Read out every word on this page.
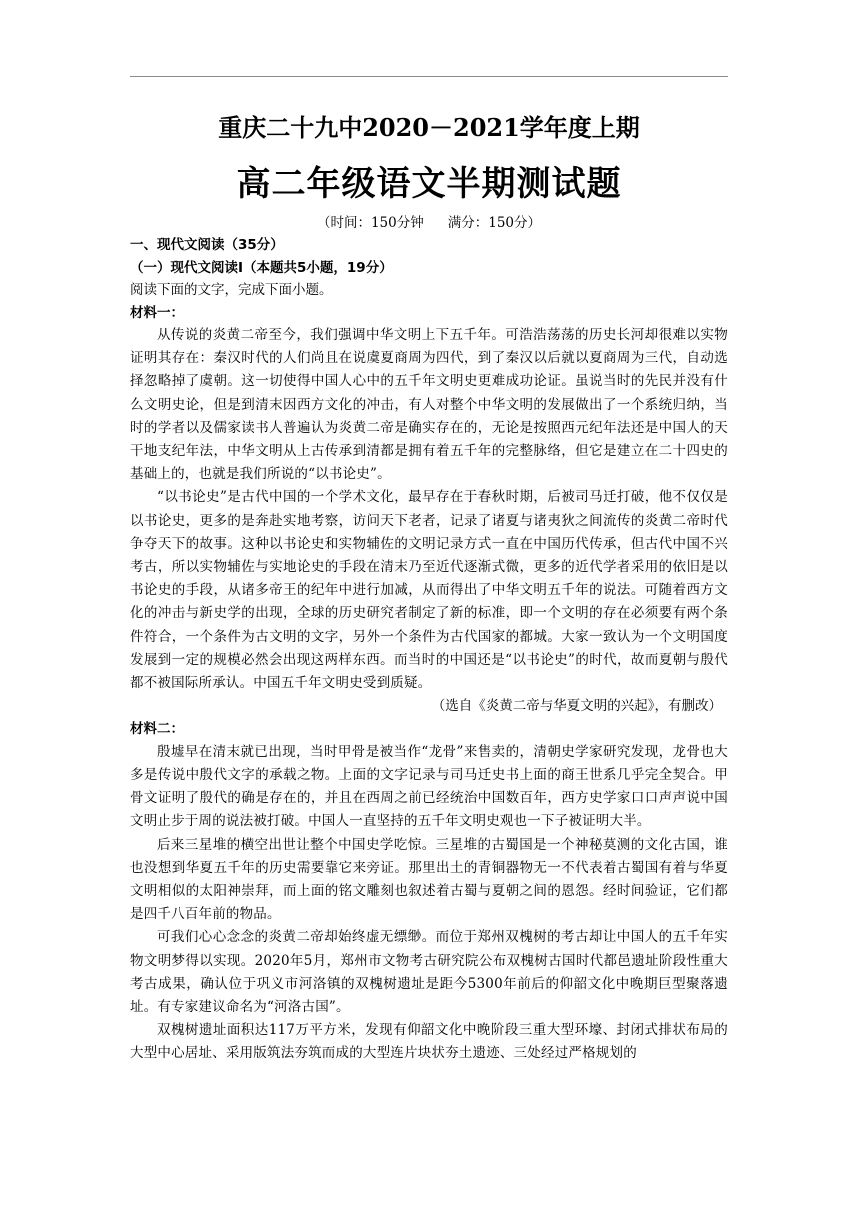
重庆二十九中2020－2021学年度上期

高二年级语文半期测试题

（时间：150分钟 满分：150分）

一、现代文阅读（35分）

（一）现代文阅读Ⅰ（本题共5小题，19分）

阅读下面的文字，完成下面小题。

材料一：

从传说的炎黄二帝至今，我们强调中华文明上下五千年。可浩浩荡荡的历史长河却很难以实物证明其存在：秦汉时代的人们尚且在说虞夏商周为四代，到了秦汉以后就以夏商周为三代，自动选择忽略掉了虞朝。这一切使得中国人心中的五千年文明史更难成功论证。虽说当时的先民并没有什么文明史论，但是到清末因西方文化的冲击，有人对整个中华文明的发展做出了一个系统归纳，当时的学者以及儒家读书人普遍认为炎黄二帝是确实存在的，无论是按照西元纪年法还是中国人的天干地支纪年法，中华文明从上古传承到清都是拥有着五千年的完整脉络，但它是建立在二十四史的基础上的，也就是我们所说的“以书论史”。

“以书论史”是古代中国的一个学术文化，最早存在于春秋时期，后被司马迁打破，他不仅仅是以书论史，更多的是奔赴实地考察，访问天下老者，记录了诸夏与诸夷狄之间流传的炎黄二帝时代争夺天下的故事。这种以书论史和实物辅佐的文明记录方式一直在中国历代传承，但古代中国不兴考古，所以实物辅佐与实地论史的手段在清末乃至近代逐渐式微，更多的近代学者采用的依旧是以书论史的手段，从诸多帝王的纪年中进行加减，从而得出了中华文明五千年的说法。可随着西方文化的冲击与新史学的出现，全球的历史研究者制定了新的标准，即一个文明的存在必须要有两个条件符合，一个条件为古文明的文字，另外一个条件为古代国家的都城。大家一致认为一个文明国度发展到一定的规模必然会出现这两样东西。而当时的中国还是“以书论史”的时代，故而夏朝与殷代都不被国际所承认。中国五千年文明史受到质疑。

（选自《炎黄二帝与华夏文明的兴起》，有删改）

材料二：

殷墟早在清末就已出现，当时甲骨是被当作“龙骨”来售卖的，清朝史学家研究发现，龙骨也大多是传说中殷代文字的承载之物。上面的文字记录与司马迁史书上面的商王世系几乎完全契合。甲骨文证明了殷代的确是存在的，并且在西周之前已经统治中国数百年，西方史学家口口声声说中国文明止步于周的说法被打破。中国人一直坚持的五千年文明史观也一下子被证明大半。

后来三星堆的横空出世让整个中国史学吃惊。三星堆的古蜀国是一个神秘莫测的文化古国，谁也没想到华夏五千年的历史需要靠它来旁证。那里出土的青铜器物无一不代表着古蜀国有着与华夏文明相似的太阳神崇拜，而上面的铭文雕刻也叙述着古蜀与夏朝之间的恩怨。经时间验证，它们都是四千八百年前的物品。

可我们心心念念的炎黄二帝却始终虚无缥缈。而位于郑州双槐树的考古却让中国人的五千年实物文明梦得以实现。2020年5月，郑州市文物考古研究院公布双槐树古国时代都邑遗址阶段性重大考古成果，确认位于巩义市河洛镇的双槐树遗址是距今5300年前后的仰韶文化中晚期巨型聚落遗址。有专家建议命名为“河洛古国”。

双槐树遗址面积达117万平方米，发现有仰韶文化中晚阶段三重大型环壕、封闭式排状布局的大型中心居址、采用版筑法夯筑而成的大型连片块状夯土遗迹、三处经过严格规划的
